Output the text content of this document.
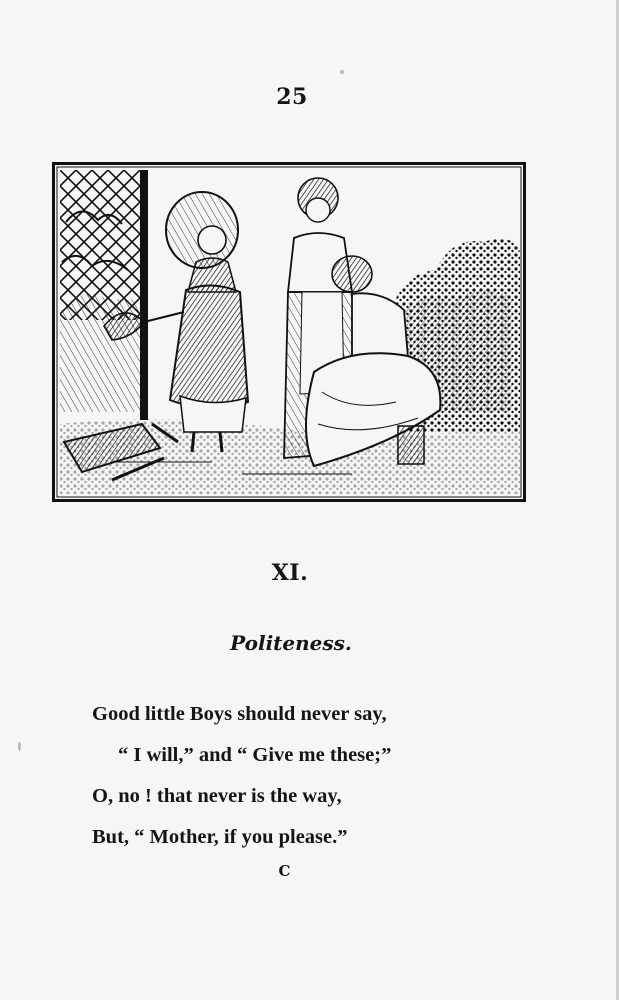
25
XI.
Politeness.
Good little Boys should never say,
“ I will,” and “ Give me these;”
O, no ! that never is the way,
But, “ Mother, if you please.”
C
